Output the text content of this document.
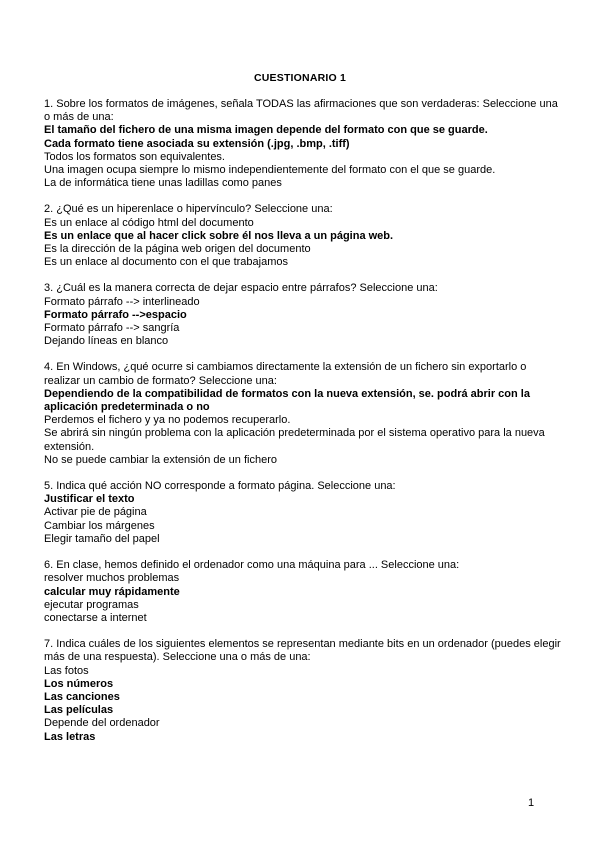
CUESTIONARIO 1

1. Sobre los formatos de imágenes, señala TODAS las afirmaciones que son verdaderas: Seleccione una o más de una:

El tamaño del fichero de una misma imagen depende del formato con que se guarde.

Cada formato tiene asociada su extensión (.jpg, .bmp, .tiff)

Todos los formatos son equivalentes.

Una imagen ocupa siempre lo mismo independientemente del formato con el que se guarde.

La de informática tiene unas ladillas como panes

2. ¿Qué es un hiperenlace o hipervínculo? Seleccione una:

Es un enlace al código html del documento

Es un enlace que al hacer click sobre él nos lleva a un página web.

Es la dirección de la página web origen del documento

Es un enlace al documento con el que trabajamos

3. ¿Cuál es la manera correcta de dejar espacio entre párrafos? Seleccione una:

Formato párrafo --> interlineado

Formato párrafo -->espacio

Formato párrafo --> sangría

Dejando líneas en blanco

4. En Windows, ¿qué ocurre si cambiamos directamente la extensión de un fichero sin exportarlo o realizar un cambio de formato? Seleccione una:

Dependiendo de la compatibilidad de formatos con la nueva extensión, se. podrá abrir con la aplicación predeterminada o no

Perdemos el fichero y ya no podemos recuperarlo.

Se abrirá sin ningún problema con la aplicación predeterminada por el sistema operativo para la nueva extensión.

No se puede cambiar la extensión de un fichero

5. Indica qué acción NO corresponde a formato página. Seleccione una:

Justificar el texto

Activar pie de página

Cambiar los márgenes

Elegir tamaño del papel

6. En clase, hemos definido el ordenador como una máquina para ... Seleccione una:

resolver muchos problemas

calcular muy rápidamente

ejecutar programas

conectarse a internet

7. Indica cuáles de los siguientes elementos se representan mediante bits en un ordenador (puedes elegir más de una respuesta). Seleccione una o más de una:

Las fotos

Los números

Las canciones

Las películas

Depende del ordenador

Las letras

1
